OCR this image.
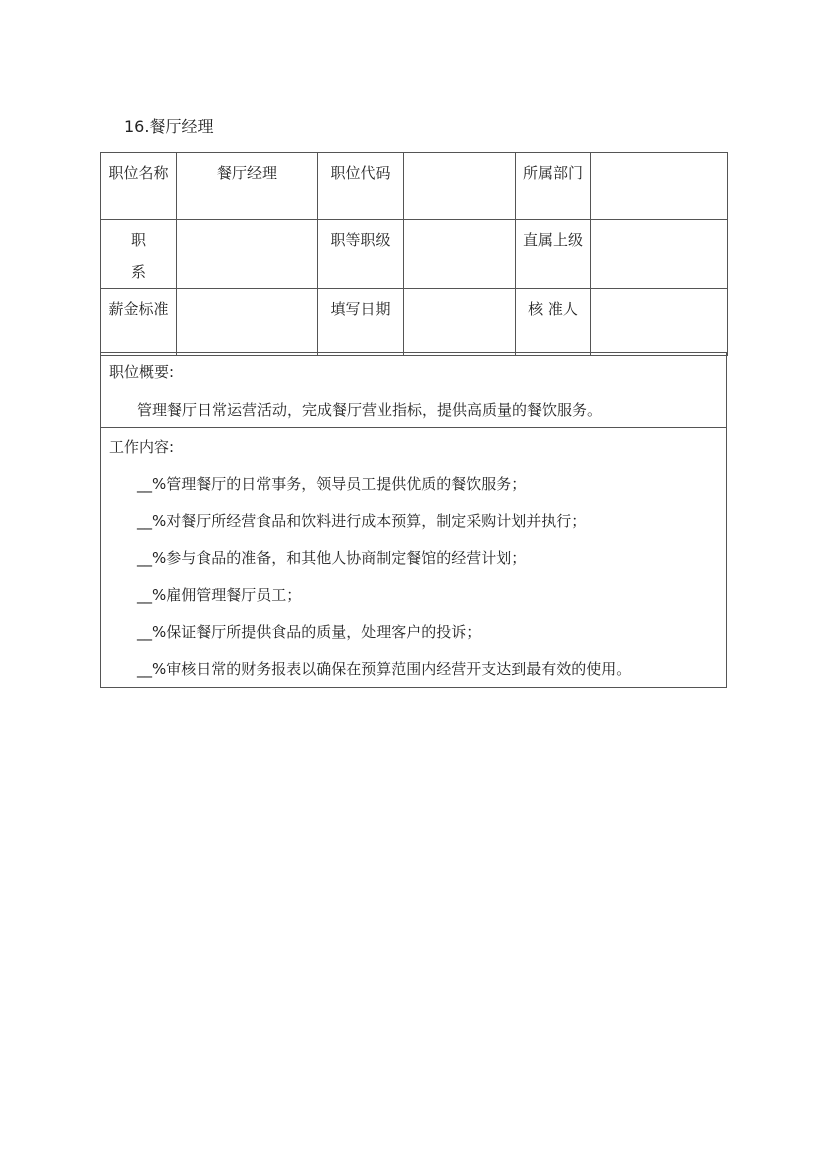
16.餐厅经理
职位名称	餐厅经理	职位代码		所属部门	
职
系		职等职级		直属上级	
薪金标准		填写日期		核 准人	
职位概要:
管理餐厅日常运营活动，完成餐厅营业指标，提供高质量的餐饮服务。
工作内容:
__%管理餐厅的日常事务，领导员工提供优质的餐饮服务；
__%对餐厅所经营食品和饮料进行成本预算，制定采购计划并执行；
__%参与食品的准备，和其他人协商制定餐馆的经营计划；
__%雇佣管理餐厅员工；
__%保证餐厅所提供食品的质量，处理客户的投诉；
__%审核日常的财务报表以确保在预算范围内经营开支达到最有效的使用。
